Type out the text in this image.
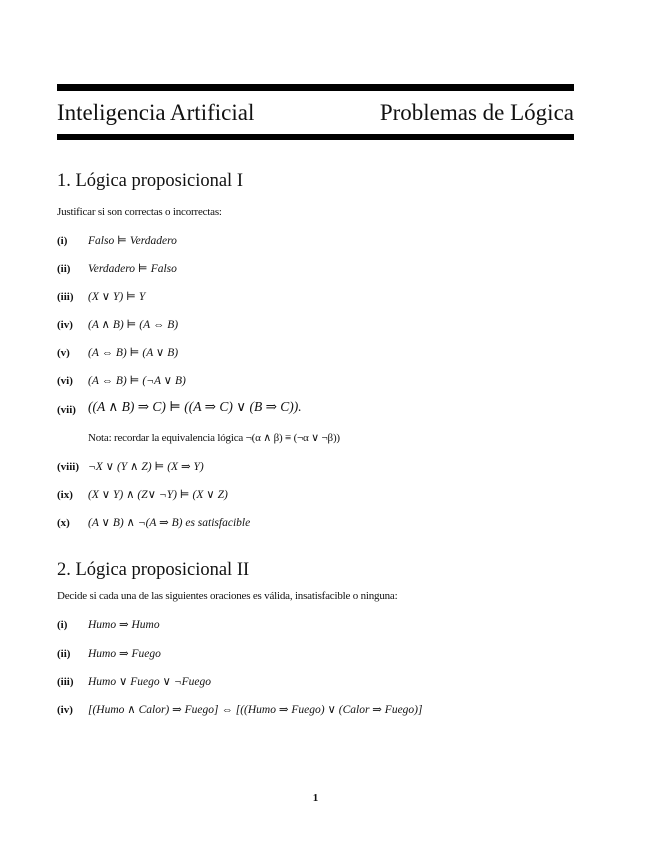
Inteligencia Artificial	Problemas de Lógica
1. Lógica proposicional I
Justificar si son correctas o incorrectas:
(i) Falso ⊨ Verdadero
(ii) Verdadero ⊨ Falso
(iii) (X ∨ Y) ⊨ Y
(iv) (A ∧ B) ⊨ (A ⇔ B)
(v) (A ⇔ B) ⊨ (A ∨ B)
(vi) (A ⇔ B) ⊨ (¬A ∨ B)
(vii) ((A ∧ B) ⇒ C) ⊨ ((A ⇒ C) ∨ (B ⇒ C)).
Nota: recordar la equivalencia lógica ¬(α ∧ β) ≡ (¬α ∨ ¬β))
(viii) ¬X ∨ (Y ∧ Z) ⊨ (X ⇒ Y)
(ix) (X ∨ Y) ∧ (Z∨ ¬Y) ⊨ (X ∨ Z)
(x) (A ∨ B) ∧ ¬(A ⇒ B) es satisfacible
2. Lógica proposicional II
Decide si cada una de las siguientes oraciones es válida, insatisfacible o ninguna:
(i) Humo ⇒ Humo
(ii) Humo ⇒ Fuego
(iii) Humo ∨ Fuego ∨ ¬Fuego
(iv) [(Humo ∧ Calor) ⇒ Fuego] ⇔ [((Humo ⇒ Fuego) ∨ (Calor ⇒ Fuego)]
1
